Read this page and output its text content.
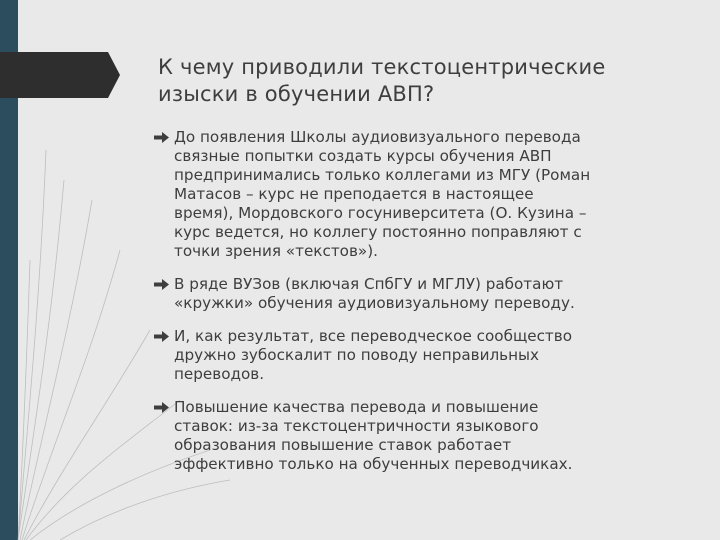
К чему приводили текстоцентрические
изыски в обучении АВП?
До появления Школы аудиовизуального перевода
связные попытки создать курсы обучения АВП
предпринимались только коллегами из МГУ (Роман
Матасов – курс не преподается в настоящее
время), Мордовского госуниверситета (О. Кузина –
курс ведется, но коллегу постоянно поправляют с
точки зрения «текстов»).
В ряде ВУЗов (включая СпбГУ и МГЛУ) работают
«кружки» обучения аудиовизуальному переводу.
И, как результат, все переводческое сообщество
дружно зубоскалит по поводу неправильных
переводов.
Повышение качества перевода и повышение
ставок: из-за текстоцентричности языкового
образования повышение ставок работает
эффективно только на обученных переводчиках.
